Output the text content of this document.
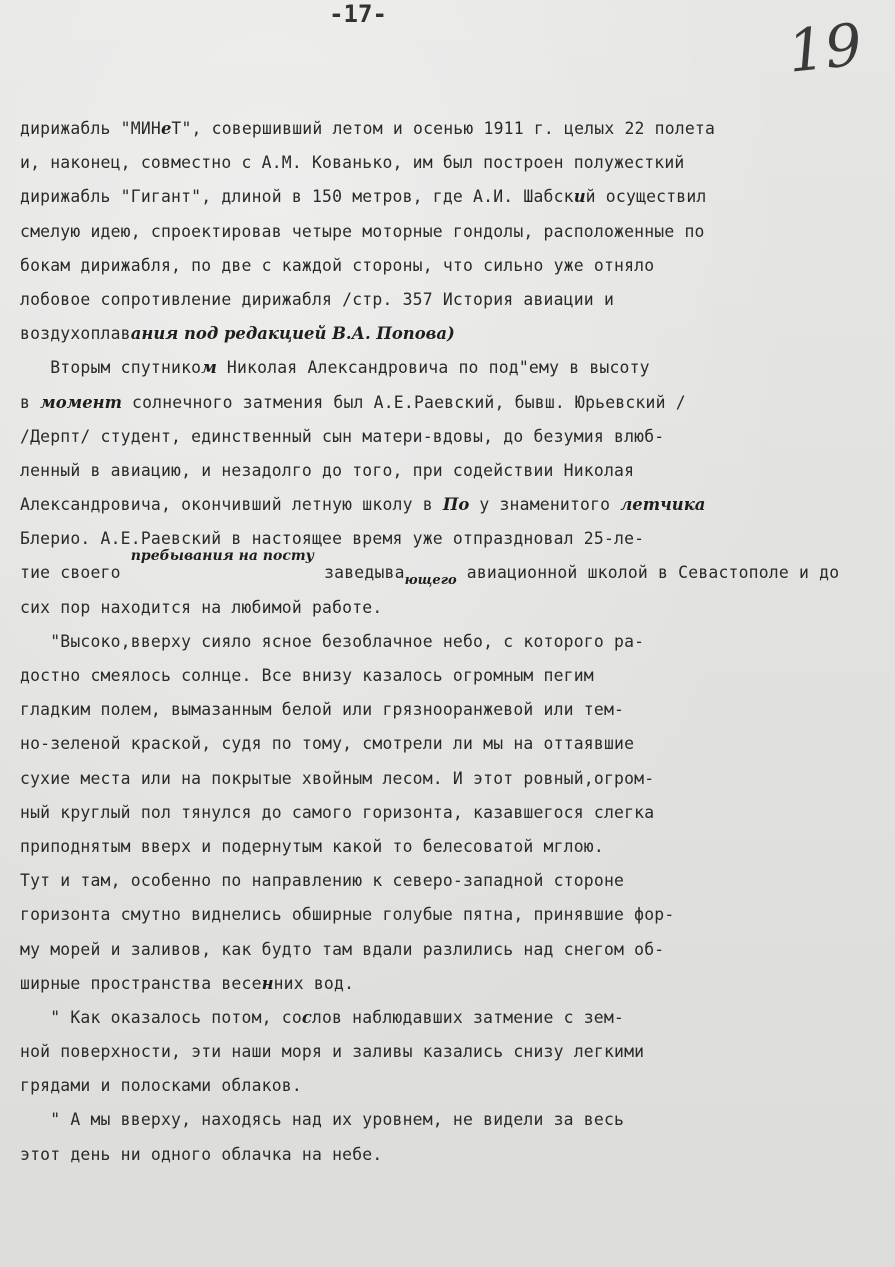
-17-	19
дирижабль "МИНеТ", совершивший летом и осенью 1911 г. целых 22 полета
и, наконец, совместно с А.М. Кованько, им был построен полужесткий
дирижабль "Гигант", длиной в 150 метров, где А.И. Шабский осуществил
смелую идею, спроектировав четыре моторные гондолы, расположенные по
бокам дирижабля, по две с каждой стороны, что сильно уже отняло
лобовое сопротивление дирижабля /стр. 357 История авиации и
воздухоплавания под редакцией В.А. Попова)
Вторым спутником Николая Александровича по под"ему в высоту
в момент солнечного затмения был А.Е.Раевский, бывш. Юрьевский /
/Дерпт/ студент, единственный сын матери-вдовы, до безумия влюб-
ленный в авиацию, и незадолго до того, при содействии Николая
Александровича, окончивший летную школу в По у знаменитого летчика
Блерио. А.Е.Раевский в настоящее время уже отпраздновал 25-ле-
тие своего пребывания на посту заведыва$_{ющего}$ авиационной школой в Севастополе и до
сих пор находится на любимой работе.
"Высоко,вверху сияло ясное безоблачное небо, с которого ра-
достно смеялось солнце. Все внизу казалось огромным пегим
гладким полем, вымазанным белой или грязнооранжевой или тем-
но-зеленой краской, судя по тому, смотрели ли мы на оттаявшие
сухие места или на покрытые хвойным лесом. И этот ровный,огром-
ный круглый пол тянулся до самого горизонта, казавшегося слегка
приподнятым вверх и подернутым какой то белесоватой мглою.
Тут и там, особенно по направлению к северо-западной стороне
горизонта смутно виднелись обширные голубые пятна, принявшие фор-
му морей и заливов, как будто там вдали разлились над снегом об-
ширные пространства весенних вод.
" Как оказалось потом, сослов наблюдавших затмение с зем-
ной поверхности, эти наши моря и заливы казались снизу легкими
грядами и полосками облаков.
" А мы вверху, находясь над их уровнем, не видели за весь
этот день ни одного облачка на небе.
